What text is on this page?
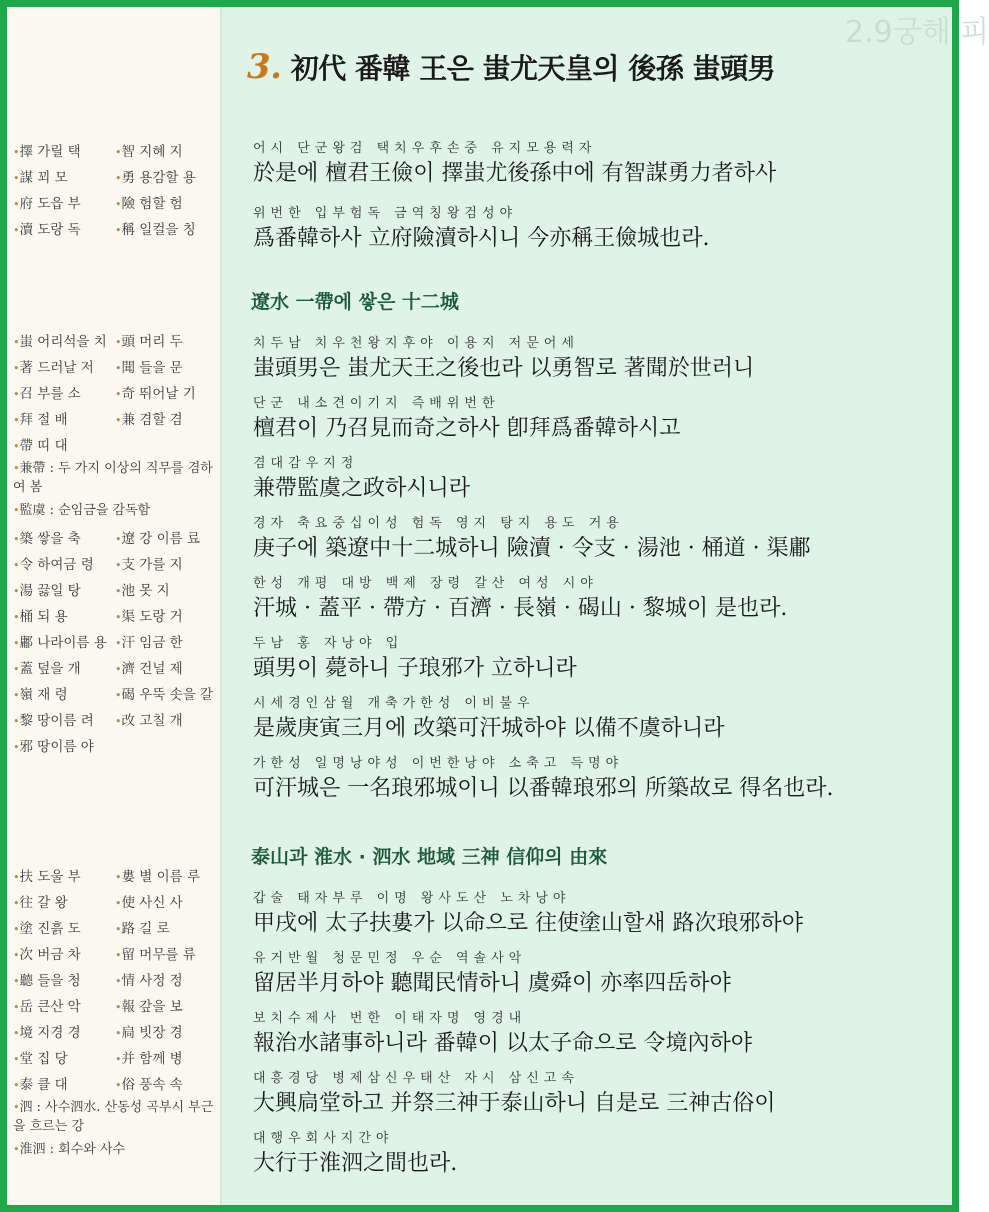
•擇 가릴 택	•智 지혜 지
•謀 꾀 모	•勇 용감할 용
•府 도읍 부	•險 험할 험
•瀆 도랑 독	•稱 일컬을 칭
•蚩 어리석을 치 •頭 머리 두
•著 드러날 저	•聞 들을 문
•召 부를 소	•奇 뛰어날 기
•拜 절 배	•兼 겸할 겸
•帶 띠 대
•兼帶 : 두 가지 이상의 직무를 겸하여 봄
•監虞 : 순임금을 감독함
•築 쌓을 축	•遼 강 이름 료
•令 하여금 령	•支 가를 지
•湯 끓일 탕	•池 못 지
•桶 되 용	•渠 도랑 거
•鄘 나라이름 용 •汗 임금 한
•蓋 덮을 개	•濟 건널 제
•嶺 재 령	•碣 우뚝 솟을 갈
•黎 땅이름 려	•改 고칠 개
•邪 땅이름 야
•扶 도울 부	•婁 별 이름 루
•往 갈 왕	•使 사신 사
•塗 진흙 도	•路 길 로
•次 버금 차	•留 머무를 류
•聽 들을 청	•情 사정 정
•岳 큰산 악	•報 갚을 보
•境 지경 경	•扃 빗장 경
•堂 집 당	•并 함께 병
•泰 클 대	•俗 풍속 속
•泗 : 사수泗水. 산동성 곡부시 부근을 흐르는 강
•淮泗 : 회수와 사수
2.9궁해 피
3. 初代 番韓 王은 蚩尤天皇의 後孫 蚩頭男
어시 단군왕검 택치우후손중 유지모용력자
於是에 檀君王儉이 擇蚩尤後孫中에 有智謀勇力者하사
위번한 입부험독 금역칭왕검성야
爲番韓하사 立府險瀆하시니 今亦稱王儉城也라.
遼水 一帶에 쌓은 十二城
치두남 치우천왕지후야 이용지 저문어세
蚩頭男은 蚩尤天王之後也라 以勇智로 著聞於世러니
단군 내소견이기지 즉배위번한
檀君이 乃召見而奇之하사 卽拜爲番韓하시고
겸대감우지정
兼帶監虞之政하시니라
경자 축요중십이성 험독 영지 탕지 용도 거용
庚子에 築遼中十二城하니 險瀆 · 令支 · 湯池 · 桶道 · 渠鄘
한성 개평 대방 백제 장령 갈산 여성 시야
汗城 · 蓋平 · 帶方 · 百濟 · 長嶺 · 碣山 · 黎城이 是也라.
두남 홍 자낭야 입
頭男이 薨하니 子琅邪가 立하니라
시세경인삼월 개축가한성 이비불우
是歲庚寅三月에 改築可汗城하야 以備不虞하니라
가한성 일명낭야성 이번한낭야 소축고 득명야
可汗城은 一名琅邪城이니 以番韓琅邪의 所築故로 得名也라.
泰山과 淮水 · 泗水 地域 三神 信仰의 由來
갑술 태자부루 이명 왕사도산 노차낭야
甲戌에 太子扶婁가 以命으로 往使塗山할새 路次琅邪하야
유거반월 청문민정 우순 역솔사악
留居半月하야 聽聞民情하니 虞舜이 亦率四岳하야
보치수제사 번한 이태자명 영경내
報治水諸事하니라 番韓이 以太子命으로 令境內하야
대흥경당 병제삼신우태산 자시 삼신고속
大興扃堂하고 并祭三神于泰山하니 自是로 三神古俗이
대행우회사지간야
大行于淮泗之間也라.
